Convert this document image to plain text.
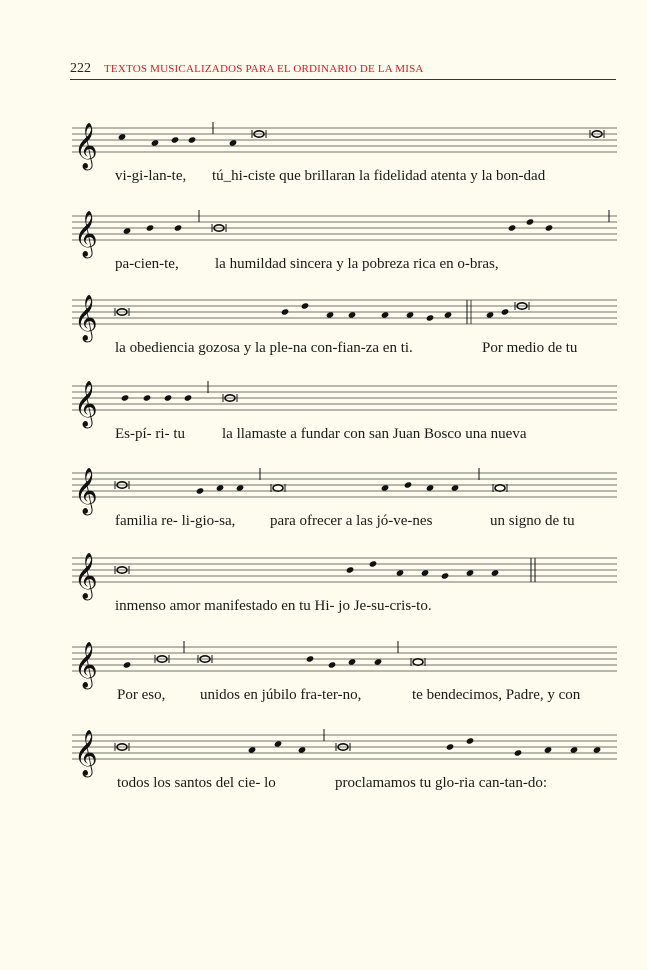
222 TEXTOS MUSICALIZADOS PARA EL ORDINARIO DE LA MISA
𝄞
vi-gi-lan-te, tú_hi-ciste que brillaran la fidelidad atenta y la bon-dad
𝄞
pa-cien-te, la humildad sincera y la pobreza rica en o-bras,
𝄞
la obediencia gozosa y la ple-na con-fian-za en ti.	Por medio de tu
𝄞
Es-pí- ri- tu la llamaste a fundar con san Juan Bosco una nueva
𝄞
familia re- li-gio-sa, para ofrecer a las jó-ve-nes	un signo de tu
𝄞
inmenso amor manifestado en tu Hi- jo Je-su-cris-to.
𝄞
Por eso, unidos en júbilo fra-ter-no,	te bendecimos, Padre, y con
𝄞
todos los santos del cie- lo	proclamamos tu glo-ria can-tan-do:
